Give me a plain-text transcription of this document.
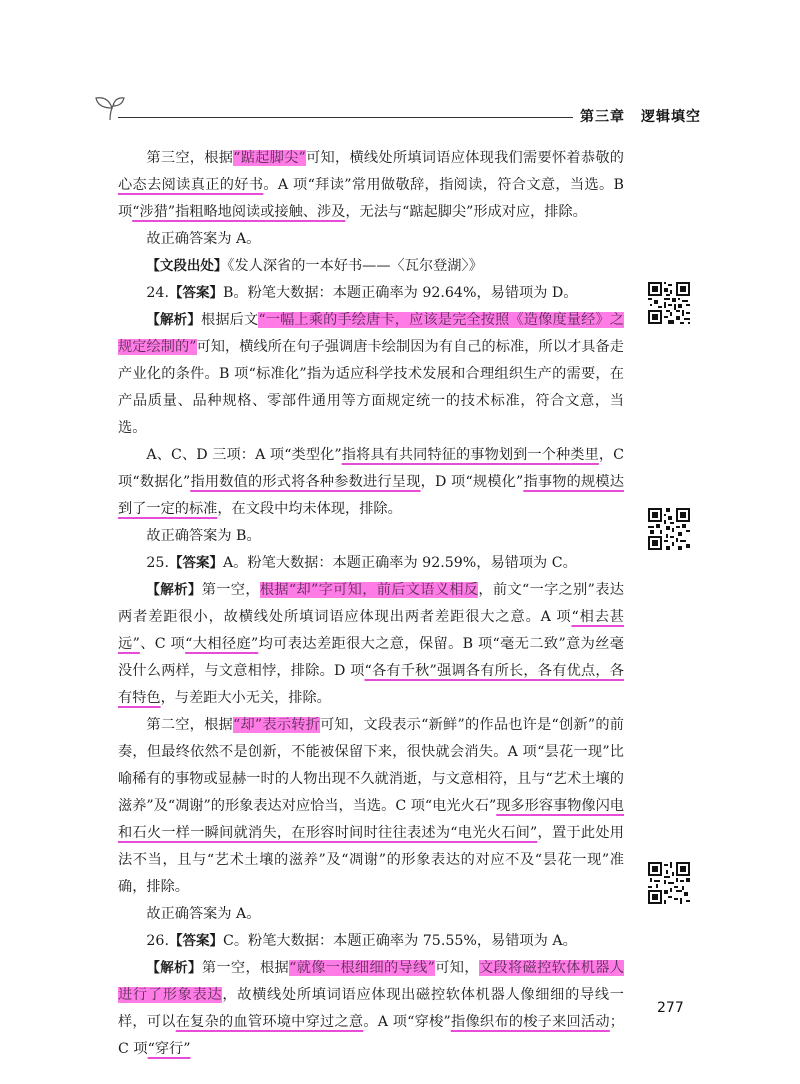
第三章 逻辑填空

第三空，根据“踮起脚尖”可知，横线处所填词语应体现我们需要怀着恭敬的心态去阅读真正的好书。A 项“拜读”常用做敬辞，指阅读，符合文意，当选。B 项“涉猎”指粗略地阅读或接触、涉及，无法与“踮起脚尖”形成对应，排除。

故正确答案为 A。

【文段出处】《发人深省的一本好书——〈瓦尔登湖〉》

24.【答案】B。粉笔大数据：本题正确率为 92.64%，易错项为 D。

【解析】根据后文“一幅上乘的手绘唐卡，应该是完全按照《造像度量经》之规定绘制的”可知，横线所在句子强调唐卡绘制因为有自己的标准，所以才具备走产业化的条件。B 项“标准化”指为适应科学技术发展和合理组织生产的需要，在产品质量、品种规格、零部件通用等方面规定统一的技术标准，符合文意，当选。

A、C、D 三项：A 项“类型化”指将具有共同特征的事物划到一个种类里，C 项“数据化”指用数值的形式将各种参数进行呈现，D 项“规模化”指事物的规模达到了一定的标准，在文段中均未体现，排除。

故正确答案为 B。

25.【答案】A。粉笔大数据：本题正确率为 92.59%，易错项为 C。

【解析】第一空，根据“却”字可知，前后文语义相反，前文“一字之别”表达两者差距很小，故横线处所填词语应体现出两者差距很大之意。A 项“相去甚远”、C 项“大相径庭”均可表达差距很大之意，保留。B 项“毫无二致”意为丝毫没什么两样，与文意相悖，排除。D 项“各有千秋”强调各有所长，各有优点，各有特色，与差距大小无关，排除。

第二空，根据“却”表示转折可知，文段表示“新鲜”的作品也许是“创新”的前奏，但最终依然不是创新，不能被保留下来，很快就会消失。A 项“昙花一现”比喻稀有的事物或显赫一时的人物出现不久就消逝，与文意相符，且与“艺术土壤的滋养”及“凋谢”的形象表达对应恰当，当选。C 项“电光火石”现多形容事物像闪电和石火一样一瞬间就消失，在形容时间时往往表述为“电光火石间”，置于此处用法不当，且与“艺术土壤的滋养”及“凋谢”的形象表达的对应不及“昙花一现”准确，排除。

故正确答案为 A。

26.【答案】C。粉笔大数据：本题正确率为 75.55%，易错项为 A。

【解析】第一空，根据“就像一根细细的导线”可知，文段将磁控软体机器人进行了形象表达，故横线处所填词语应体现出磁控软体机器人像细细的导线一样，可以在复杂的血管环境中穿过之意。A 项“穿梭”指像织布的梭子来回活动；C 项“穿行”

277
